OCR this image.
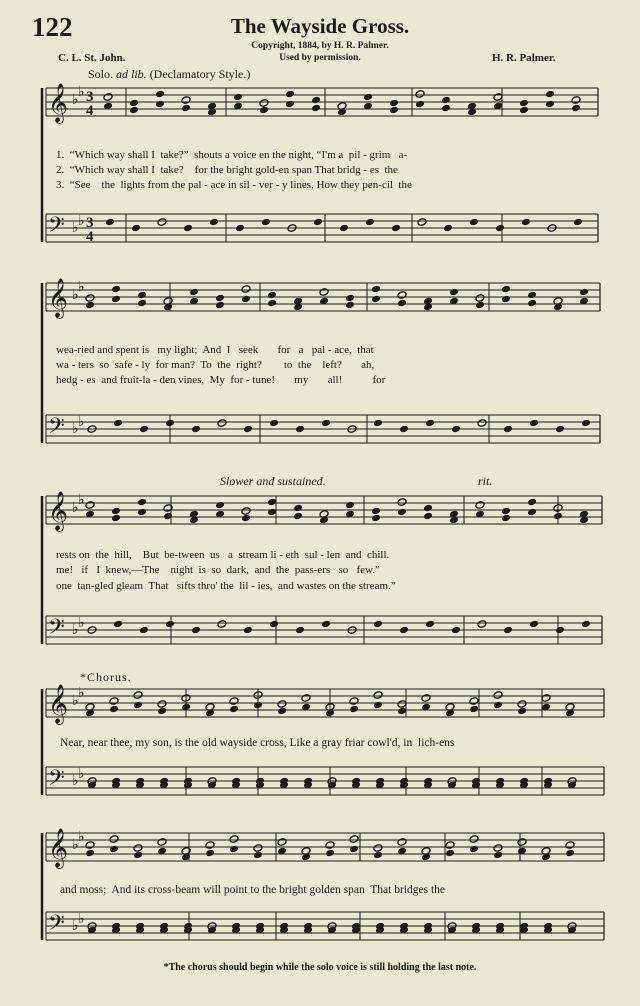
122	The Wayside Gross.
Copyright, 1884, by H. R. Palmer.
Used by permission.
C. L. St. John.	H. R. Palmer.
Solo. ad lib. (Declamatory Style.)
𝄞
𝄢
♭
♭
♭
♭
3
4
3
4
𝄞
𝄢
♭
♭
♭
♭
𝄞
𝄢
♭
♭
♭
♭
𝄞
𝄢
♭
♭
♭
♭
𝄞
𝄢
♭
♭
♭
♭
1.  “Which way shall I  take?”  shouts a voice en the night, “I'm a  pil - grim   a-
2.  “Which way shall I  take?    for the bright gold-en span That bridg - es  the
3.  “See    the  lights from the pal - ace in sil - ver - y lines, How they pen-cil  the
wea-ried and spent is   my light;  And  I   seek       for   a   pal - ace,  that
wa - ters  so  safe - ly  for man?  To  the  right?        to  the    left?       ah,
hedg - es  and fruit-la - den vines,  My  for - tune!       my       all!           for
Slower and sustained.	rit.
rests on  the  hill,    But  be-tween  us   a  stream li - eth  sul - len  and  chill.
me!   if   I  knew,—The    night  is  so  dark,  and  the  pass-ers   so   few.”
one  tan-gled gleam  That   sifts thro' the  lil - ies,  and wastes on the stream.”
*Chorus.
Near, near thee, my son, is the old wayside cross, Like a gray friar cowl'd, in  lich-ens
and moss;  And its cross-beam will point to the bright golden span  That bridges the
*The chorus should begin while the solo voice is still holding the last note.
